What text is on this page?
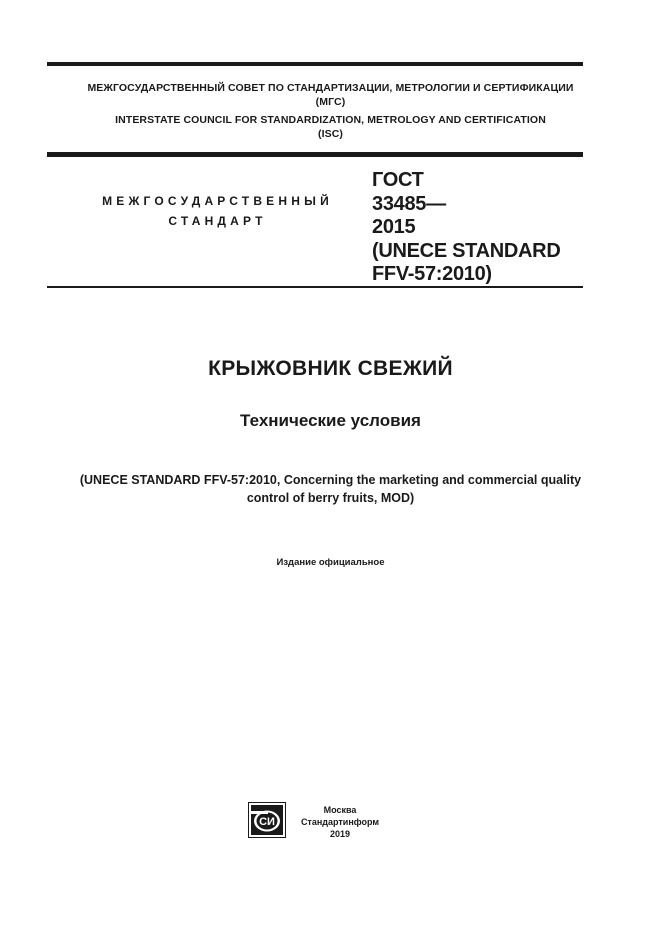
МЕЖГОСУДАРСТВЕННЫЙ СОВЕТ ПО СТАНДАРТИЗАЦИИ, МЕТРОЛОГИИ И СЕРТИФИКАЦИИ
(МГС)
INTERSTATE COUNCIL FOR STANDARDIZATION, METROLOGY AND CERTIFICATION
(ISC)
МЕЖГОСУДАРСТВЕННЫЙ
СТАНДАРТ
ГОСТ
33485—
2015
(UNECE STANDARD
FFV-57:2010)
КРЫЖОВНИК СВЕЖИЙ
Технические условия
(UNECE STANDARD FFV-57:2010, Concerning the marketing and commercial quality
control of berry fruits, MOD)
Издание официальное
СИ
Москва
Стандартинформ
2019
